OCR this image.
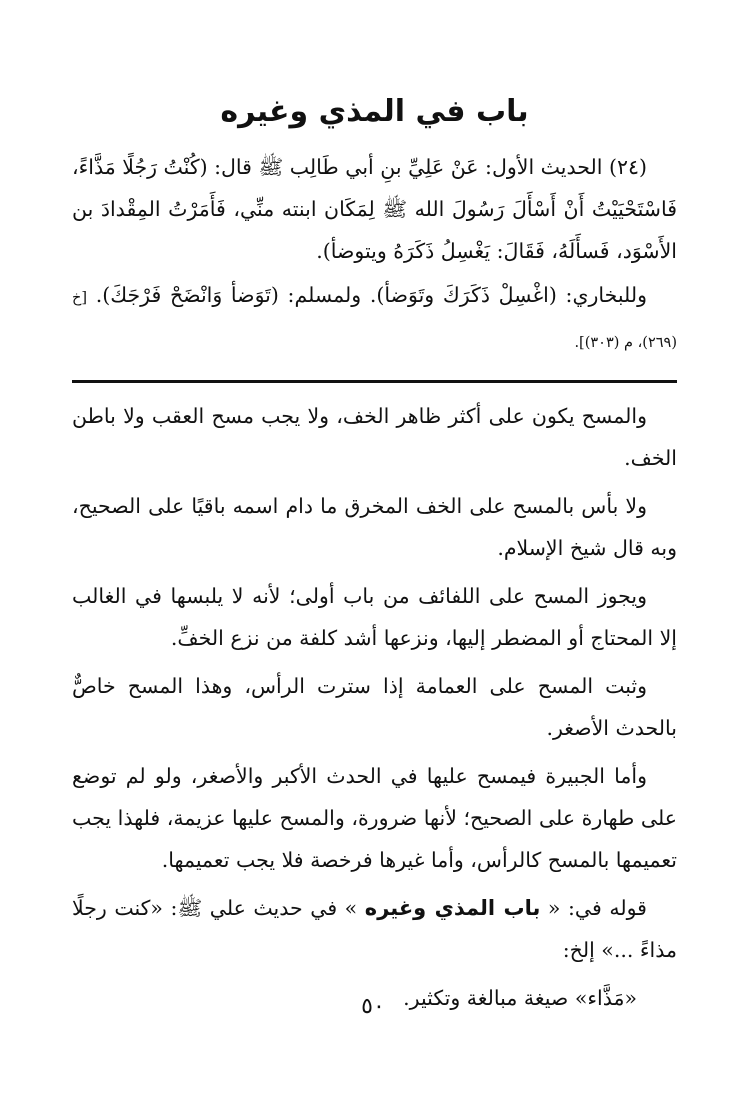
باب في المذي وغيره

(٢٤) الحديث الأول: عَنْ عَلِيِّ بنِ أبي طَالِب ﷺ قال: (كُنْتُ رَجُلًا مَذَّاءً، فَاسْتَحْيَيْتُ أَنْ أَسْأَلَ رَسُولَ الله ﷺ لِمَكَان ابنته منِّي، فَأَمَرْتُ المِقْدادَ بن الأَسْوَد، فَسأَلَهُ، فَقَالَ: يَغْسِلُ ذَكَرَهُ ويتوضأ).

وللبخاري: (اغْسِلْ ذَكَرَكَ وتَوَضأ). ولمسلم: (تَوَضأ وَانْضَحْ فَرْجَكَ). [خ (٢٦٩)، م (٣٠٣)].

والمسح يكون على أكثر ظاهر الخف، ولا يجب مسح العقب ولا باطن الخف.

ولا بأس بالمسح على الخف المخرق ما دام اسمه باقيًا على الصحيح، وبه قال شيخ الإسلام.

ويجوز المسح على اللفائف من باب أولى؛ لأنه لا يلبسها في الغالب إلا المحتاج أو المضطر إليها، ونزعها أشد كلفة من نزع الخفِّ.

وثبت المسح على العمامة إذا سترت الرأس، وهذا المسح خاصٌّ بالحدث الأصغر.

وأما الجبيرة فيمسح عليها في الحدث الأكبر والأصغر، ولو لم توضع على طهارة على الصحيح؛ لأنها ضرورة، والمسح عليها عزيمة، فلهذا يجب تعميمها بالمسح كالرأس، وأما غيرها فرخصة فلا يجب تعميمها.

قوله في: « باب المذي وغيره » في حديث علي ﷺ: «كنت رجلًا مذاءً ...» إلخ:

«مَذَّاء» صيغة مبالغة وتكثير.

٥٠
